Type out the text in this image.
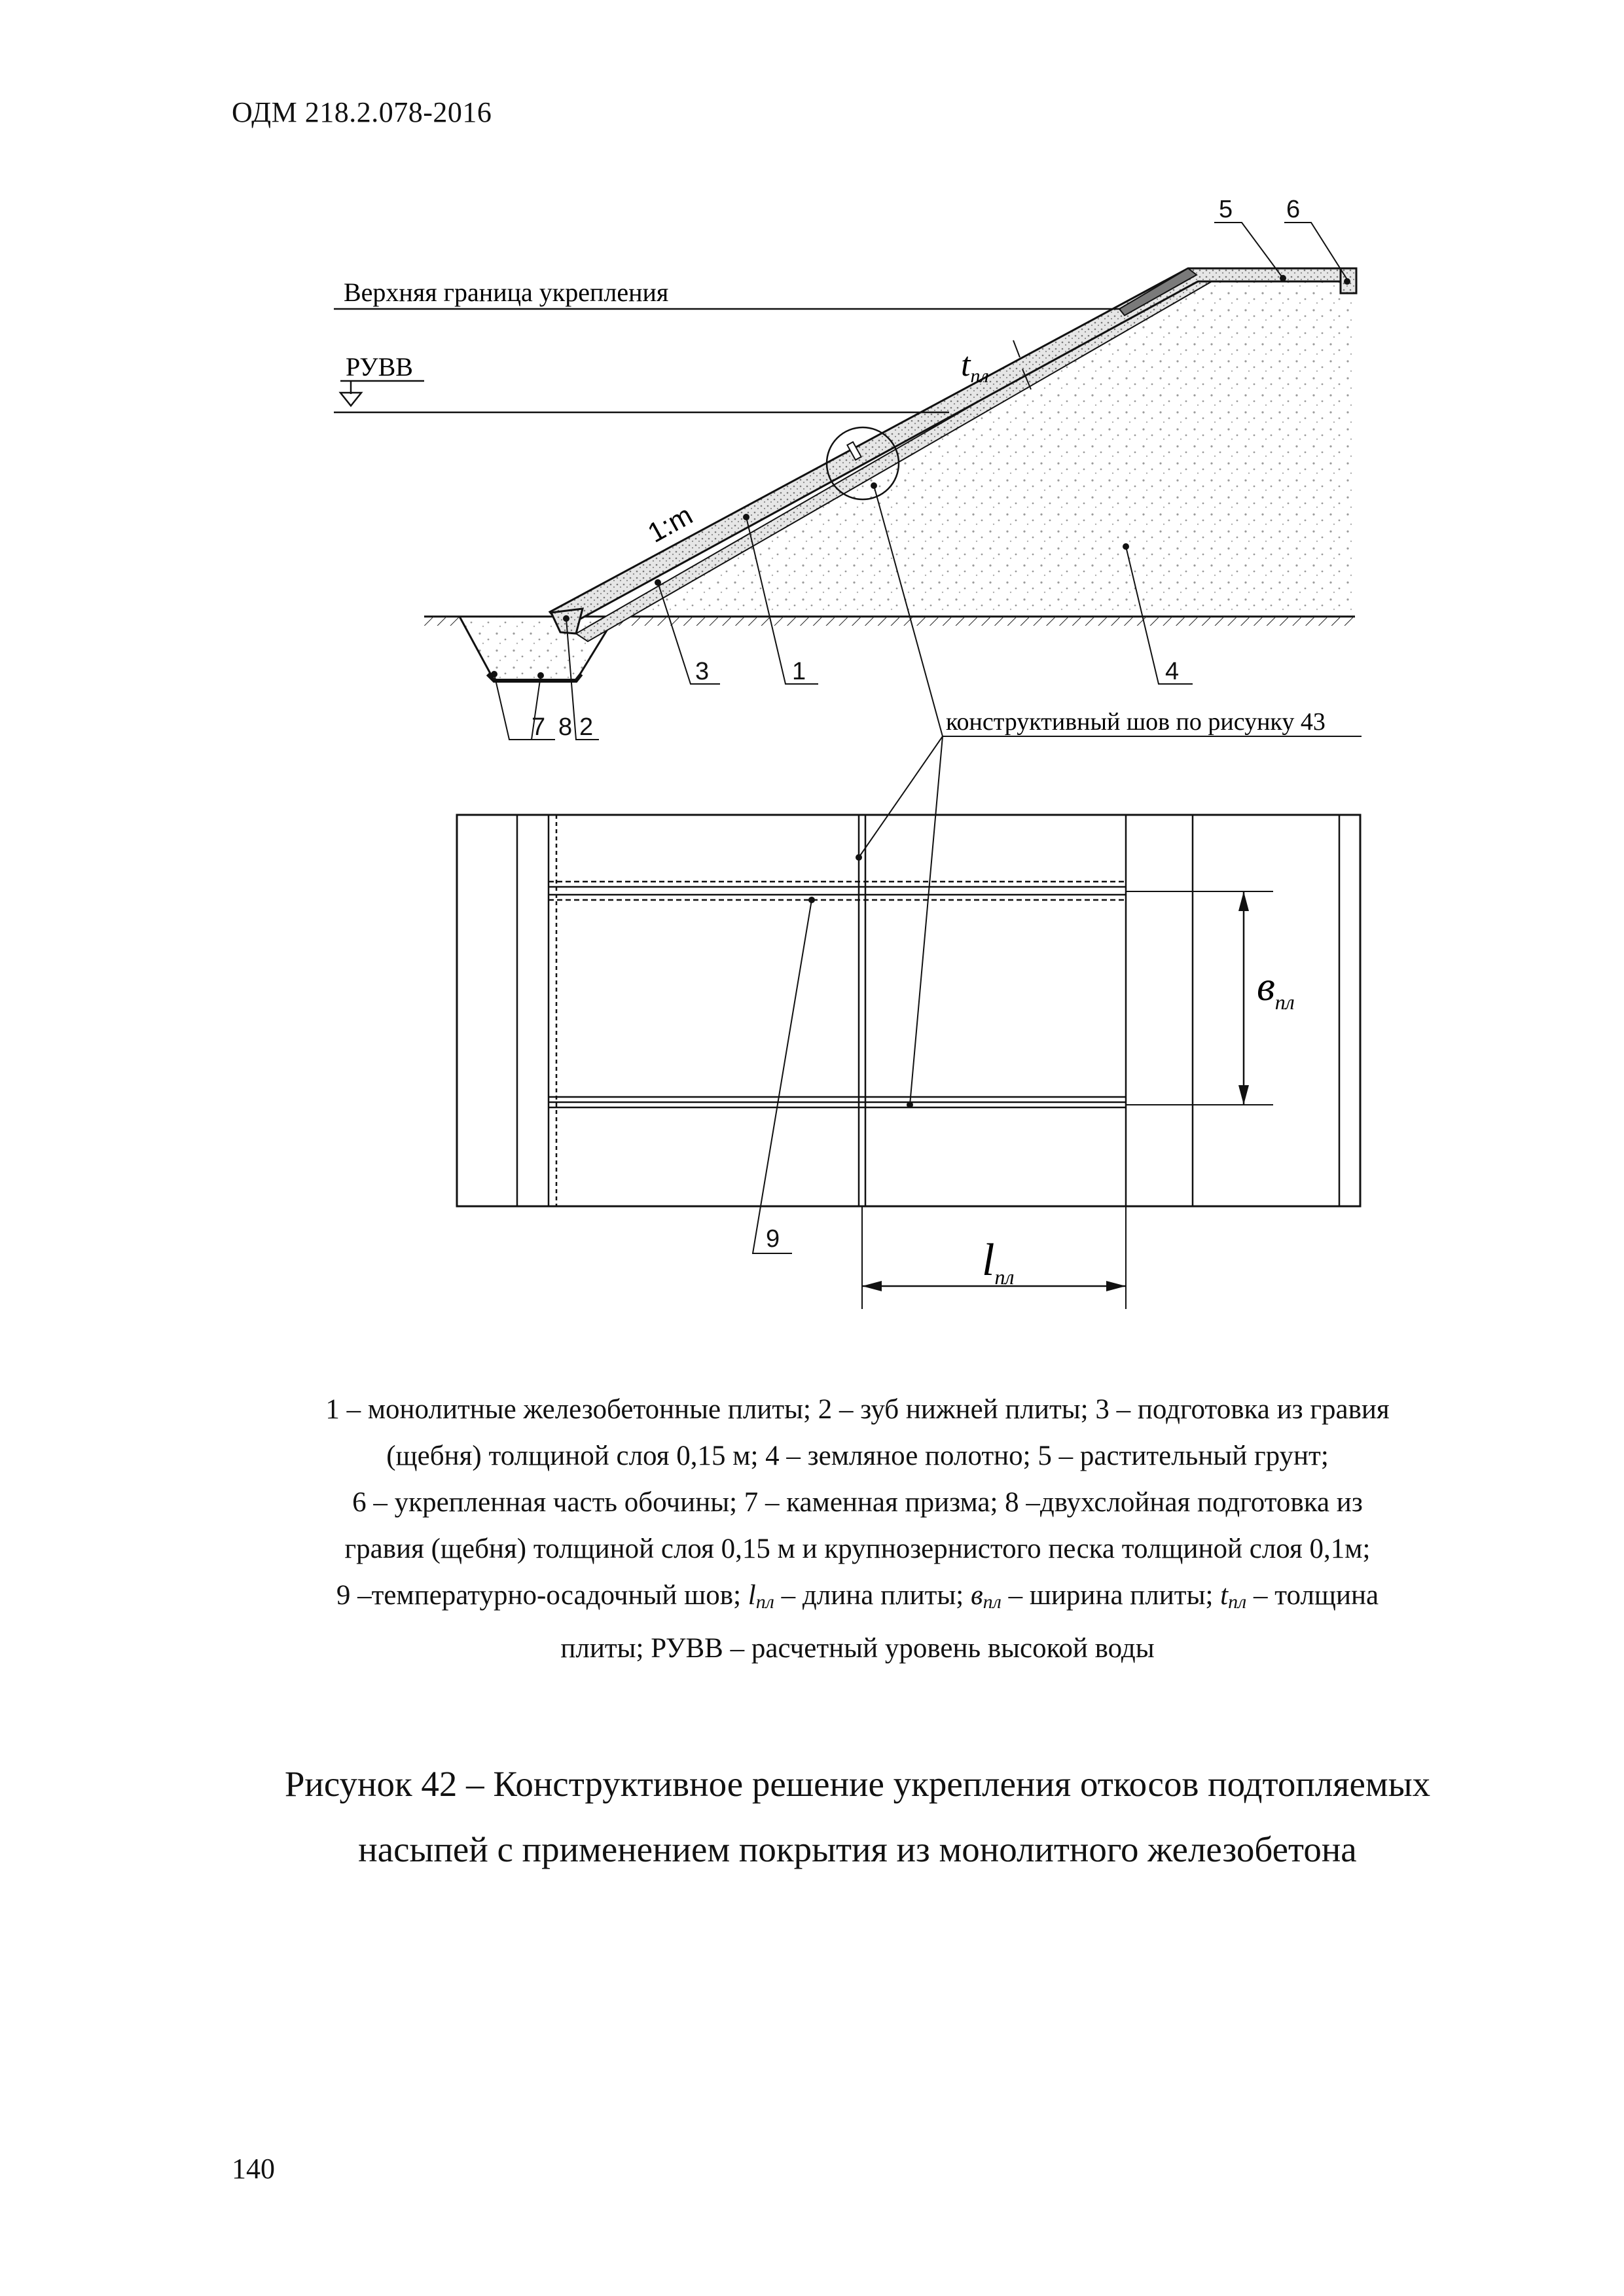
ОДМ 218.2.078-2016
Верхняя граница укрепления
РУВВ
1:m
tпл
5 6
1
3	4
2
8
7
9
конструктивный шов по рисунку 43
$в_{пл}$
$l_{пл}$
1 – монолитные железобетонные плиты; 2 – зуб нижней плиты; 3 – подготовка из гравия
(щебня) толщиной слоя 0,15 м; 4 – земляное полотно; 5 – растительный грунт;
6 – укрепленная часть обочины; 7 – каменная призма; 8 –двухслойная подготовка из
гравия (щебня) толщиной слоя 0,15 м и крупнозернистого песка толщиной слоя 0,1м;
9 –температурно-осадочный шов; $l_{пл}$ – длина плиты; $в_{пл}$ – ширина плиты; $t_{пл}$ – толщина
плиты; РУВВ – расчетный уровень высокой воды
Рисунок 42 – Конструктивное решение укрепления откосов подтопляемых
насыпей с применением покрытия из монолитного железобетона
140
